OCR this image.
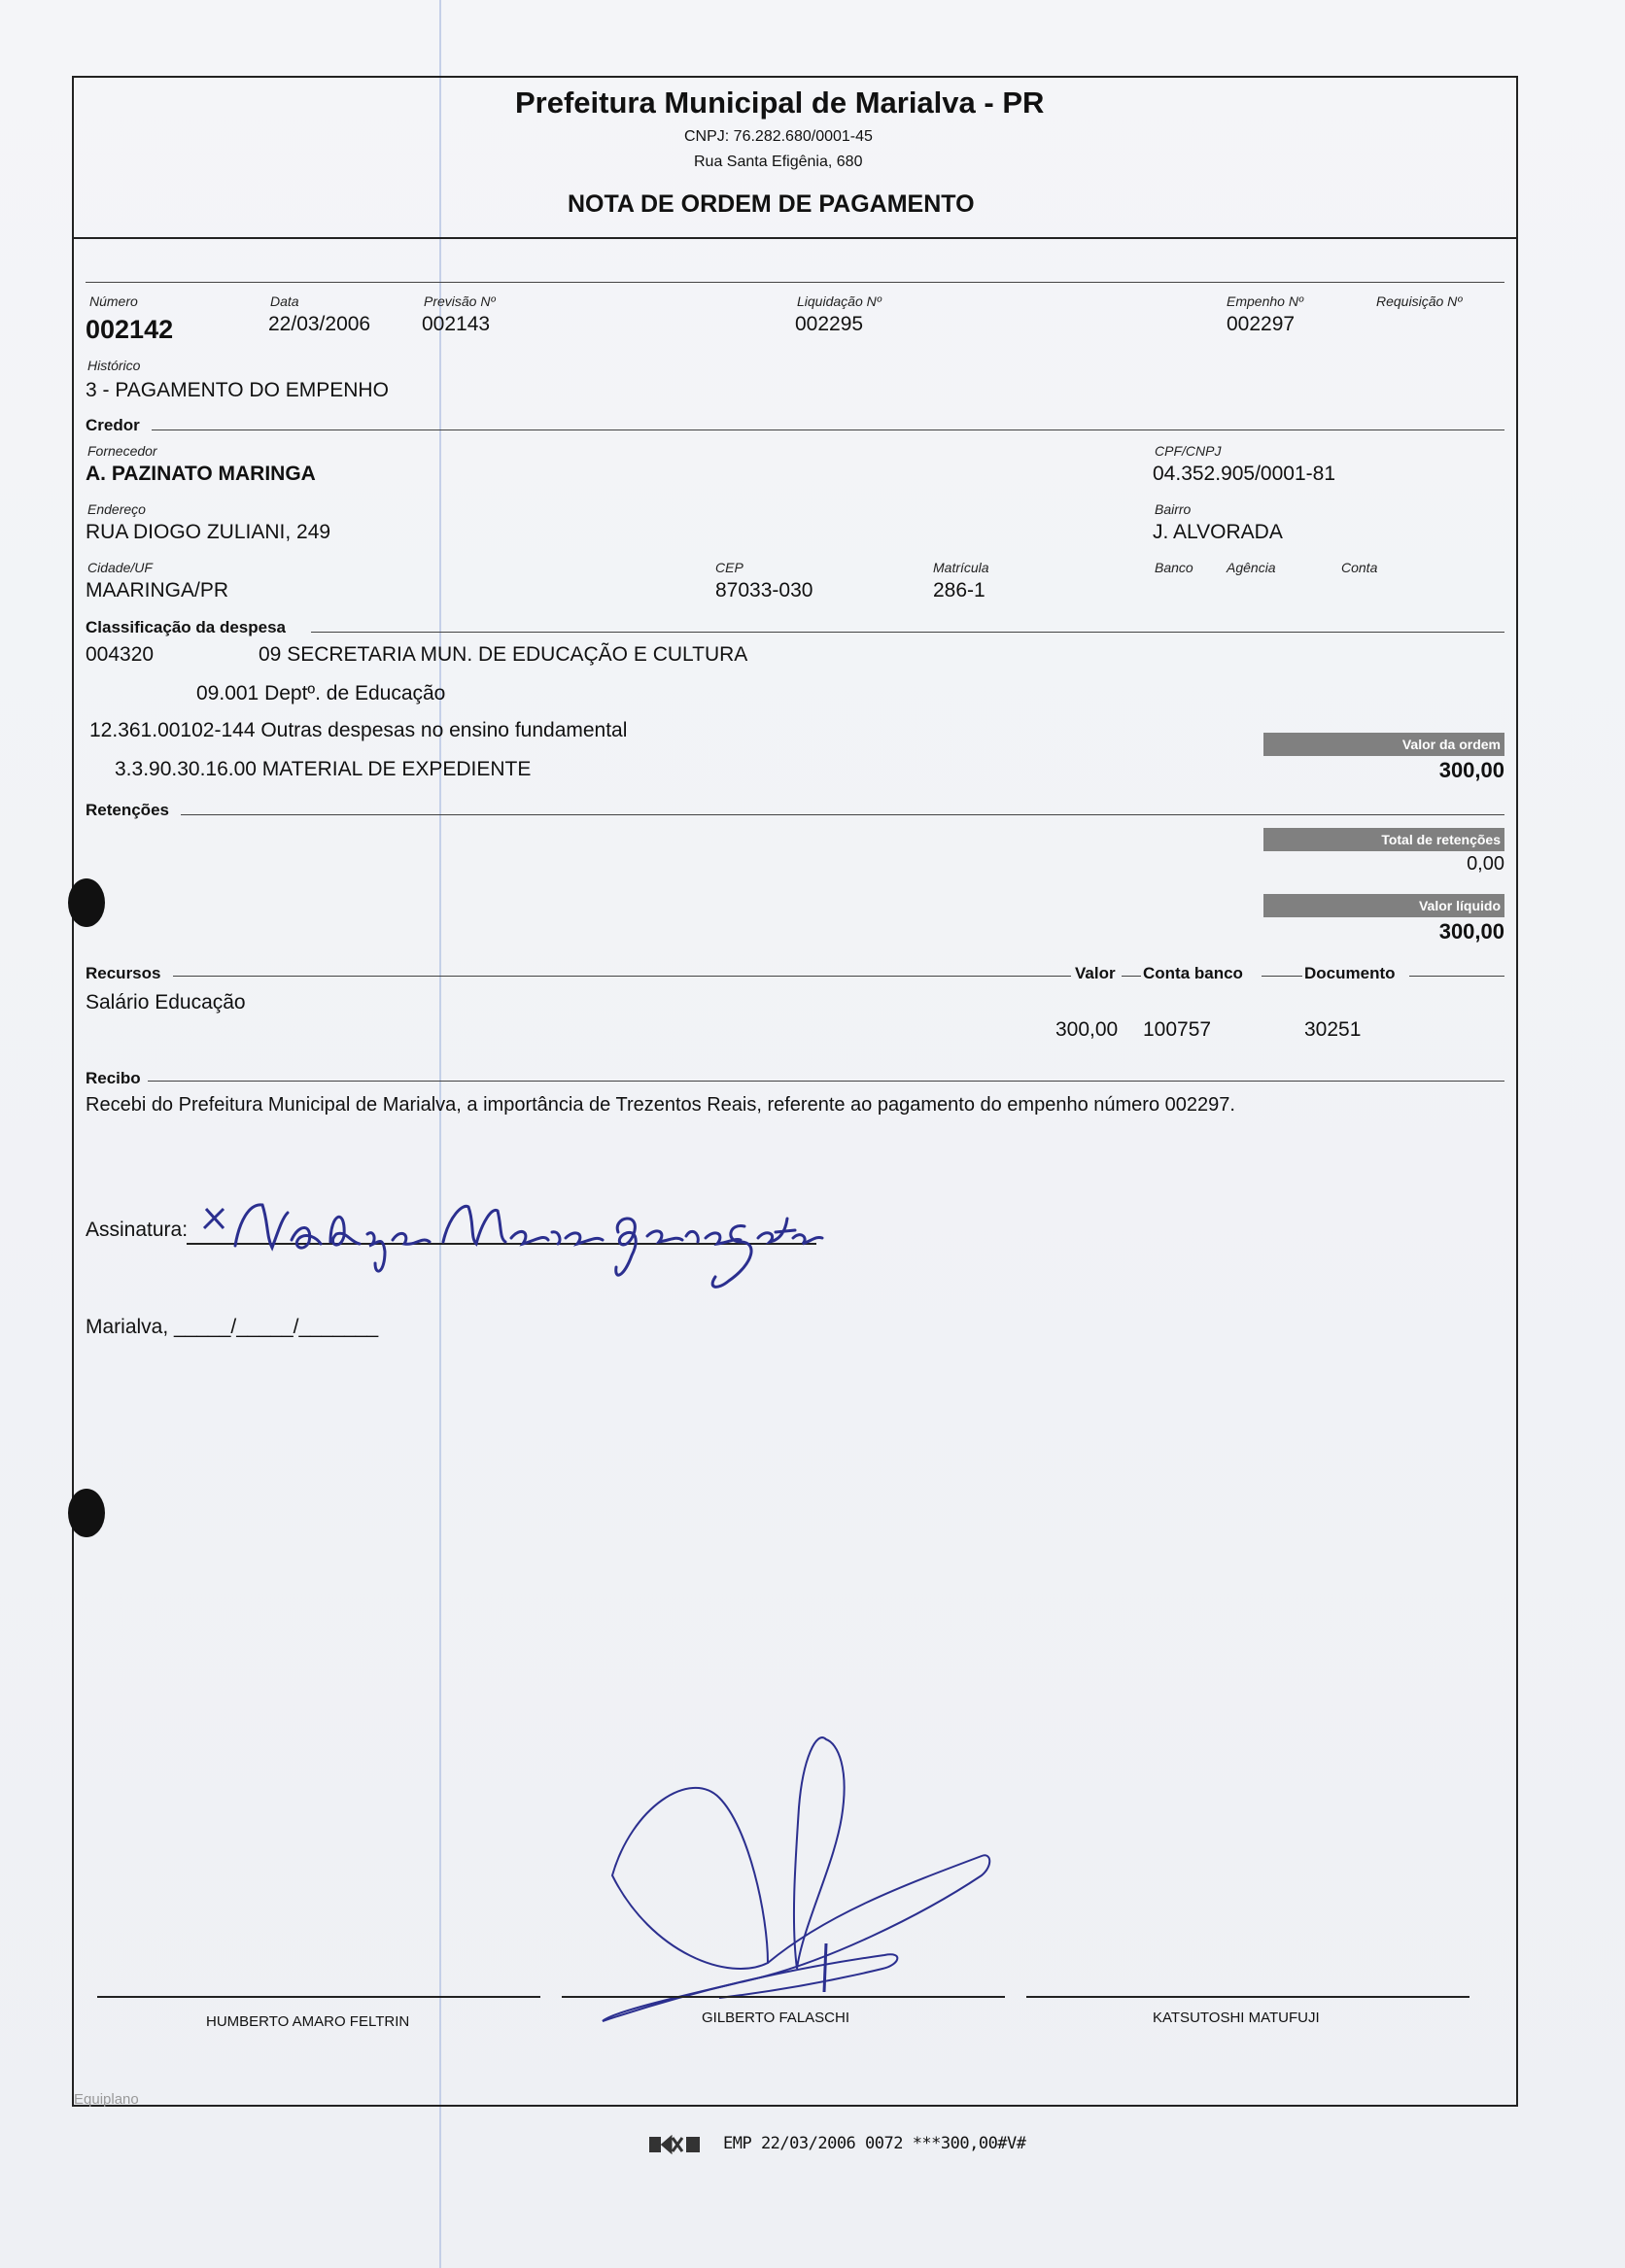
Prefeitura Municipal de Marialva - PR
CNPJ: 76.282.680/0001-45
Rua Santa Efigênia, 680
NOTA DE ORDEM DE PAGAMENTO
Número
002142
Data
22/03/2006
Previsão Nº
002143
Liquidação Nº
002295
Empenho Nº
002297
Requisição Nº
Histórico
3 - PAGAMENTO DO EMPENHO
Credor
Fornecedor
A. PAZINATO MARINGA
CPF/CNPJ
04.352.905/0001-81
Endereço
RUA DIOGO ZULIANI, 249
Bairro
J. ALVORADA
Cidade/UF
MAARINGA/PR
CEP
87033-030
Matrícula
286-1
Banco Agência	Conta
Classificação da despesa
004320	09 SECRETARIA MUN. DE EDUCAÇÃO E CULTURA
09.001 Deptº. de Educação
12.361.00102-144 Outras despesas no ensino fundamental
3.3.90.30.16.00 MATERIAL DE EXPEDIENTE
Valor da ordem
300,00
Retenções
Total de retenções
0,00
Valor líquido
300,00
Recursos	Valor Conta banco	Documento
Salário Educação
300,00 100757	30251
Recibo
Recebi do Prefeitura Municipal de Marialva, a importância de Trezentos Reais, referente ao pagamento do empenho número 002297.
Assinatura:
Marialva, _____/_____/_______
HUMBERTO AMARO FELTRIN	GILBERTO FALASCHI	KATSUTOSHI MATUFUJI
Equiplano
EMP 22/03/2006 0072 ***300,00#V#
